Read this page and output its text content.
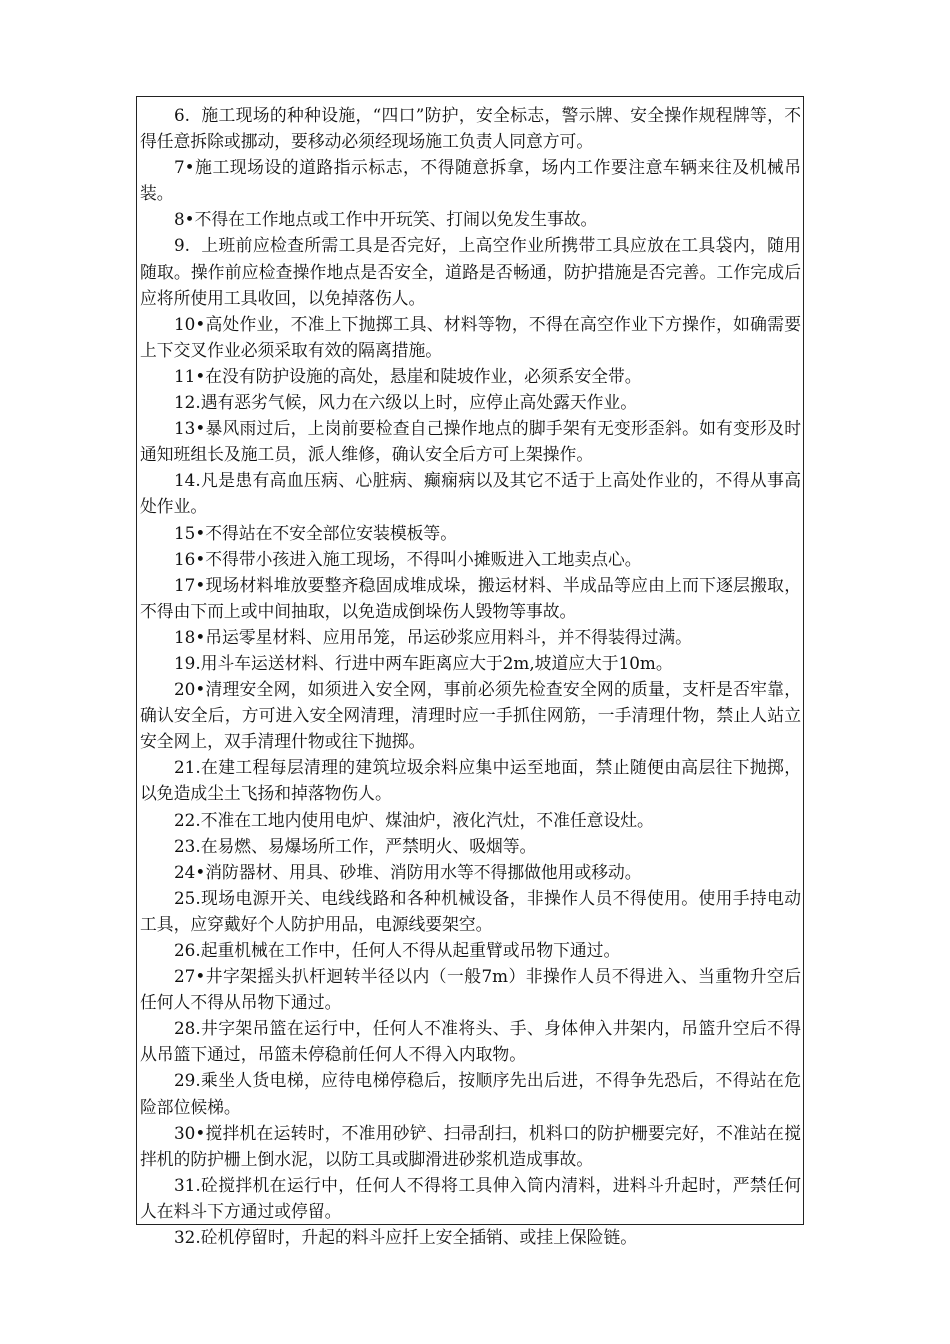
6.  施工现场的种种设施，“四口”防护，安全标志，警示牌、安全操作规程牌等，不得任意拆除或挪动，要移动必须经现场施工负责人同意方可。

7•施工现场设的道路指示标志，不得随意拆拿，场内工作要注意车辆来往及机械吊装。

8•不得在工作地点或工作中开玩笑、打闹以免发生事故。

9.  上班前应检查所需工具是否完好，上高空作业所携带工具应放在工具袋内，随用随取。操作前应检查操作地点是否安全，道路是否畅通，防护措施是否完善。工作完成后应将所使用工具收回，以免掉落伤人。

10•高处作业，不准上下抛掷工具、材料等物，不得在高空作业下方操作，如确需要上下交叉作业必须采取有效的隔离措施。

11•在没有防护设施的高处，悬崖和陡坡作业，必须系安全带。

12.遇有恶劣气候，风力在六级以上时，应停止高处露天作业。

13•暴风雨过后，上岗前要检查自己操作地点的脚手架有无变形歪斜。如有变形及时通知班组长及施工员，派人维修，确认安全后方可上架操作。

14.凡是患有高血压病、心脏病、癫痫病以及其它不适于上高处作业的，不得从事高处作业。

15•不得站在不安全部位安装模板等。

16•不得带小孩进入施工现场，不得叫小摊贩进入工地卖点心。

17•现场材料堆放要整齐稳固成堆成垛，搬运材料、半成品等应由上而下逐层搬取，不得由下而上或中间抽取，以免造成倒垛伤人毁物等事故。

18•吊运零星材料、应用吊笼，吊运砂浆应用料斗，并不得装得过满。

19.用斗车运送材料、行进中两车距离应大于2m,坡道应大于10m。

20•清理安全网，如须进入安全网，事前必须先检查安全网的质量，支杆是否牢靠，确认安全后，方可进入安全网清理，清理时应一手抓住网筋，一手清理什物，禁止人站立安全网上，双手清理什物或往下抛掷。

21.在建工程每层清理的建筑垃圾余料应集中运至地面，禁止随便由高层往下抛掷，以免造成尘土飞扬和掉落物伤人。

22.不准在工地内使用电炉、煤油炉，液化汽灶，不准任意设灶。

23.在易燃、易爆场所工作，严禁明火、吸烟等。

24•消防器材、用具、砂堆、消防用水等不得挪做他用或移动。

25.现场电源开关、电线线路和各种机械设备，非操作人员不得使用。使用手持电动工具，应穿戴好个人防护用品，电源线要架空。

26.起重机械在工作中，任何人不得从起重臂或吊物下通过。

27•井字架摇头扒杆迴转半径以内（一般7m）非操作人员不得进入、当重物升空后任何人不得从吊物下通过。

28.井字架吊篮在运行中，任何人不准将头、手、身体伸入井架内，吊篮升空后不得从吊篮下通过，吊篮未停稳前任何人不得入内取物。

29.乘坐人货电梯，应待电梯停稳后，按顺序先出后进，不得争先恐后，不得站在危险部位候梯。

30•搅拌机在运转时，不准用砂铲、扫帚刮扫，机料口的防护栅要完好，不准站在搅拌机的防护栅上倒水泥，以防工具或脚滑进砂浆机造成事故。

31.砼搅拌机在运行中，任何人不得将工具伸入筒内清料，进料斗升起时，严禁任何人在料斗下方通过或停留。

32.砼机停留时，升起的料斗应扦上安全插销、或挂上保险链。
